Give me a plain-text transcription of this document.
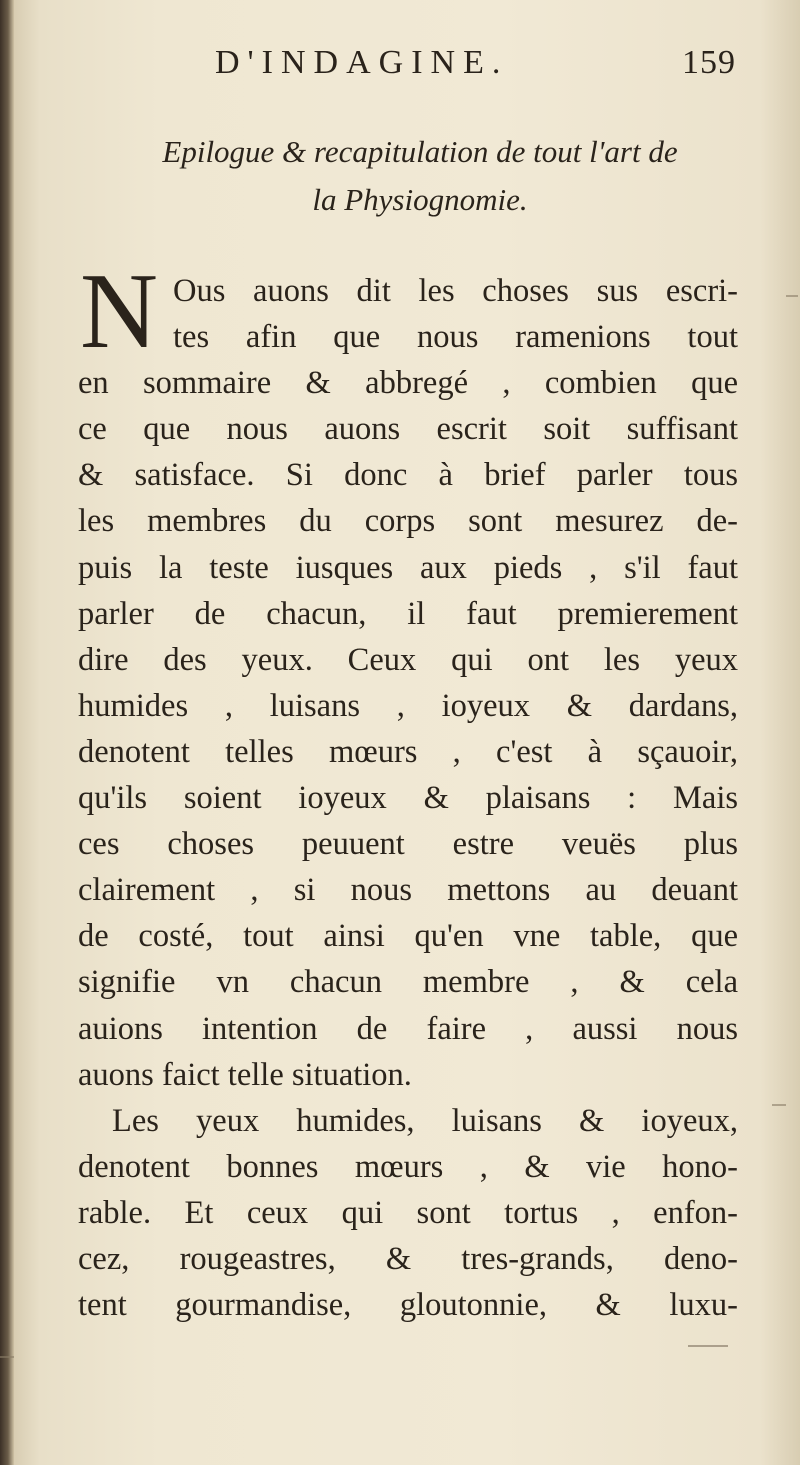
D'INDAGINE.	159
Epilogue & recapitulation de tout l'art de
la Physiognomie.
N Ous auons dit les choses sus escri-
tes afin que nous ramenions tout
en sommaire & abbregé , combien que
ce que nous auons escrit soit suffisant
& satisface. Si donc à brief parler tous
les membres du corps sont mesurez de-
puis la teste iusques aux pieds , s'il faut
parler de chacun, il faut premierement
dire des yeux. Ceux qui ont les yeux
humides , luisans , ioyeux & dardans,
denotent telles mœurs , c'est à sçauoir,
qu'ils soient ioyeux & plaisans : Mais
ces choses peuuent estre veuës plus
clairement , si nous mettons au deuant
de costé, tout ainsi qu'en vne table, que
signifie vn chacun membre , & cela
auions intention de faire , aussi nous
auons faict telle situation.
Les yeux humides, luisans & ioyeux,
denotent bonnes mœurs , & vie hono-
rable. Et ceux qui sont tortus , enfon-
cez, rougeastres, & tres-grands, deno-
tent gourmandise, gloutonnie, & luxu-
